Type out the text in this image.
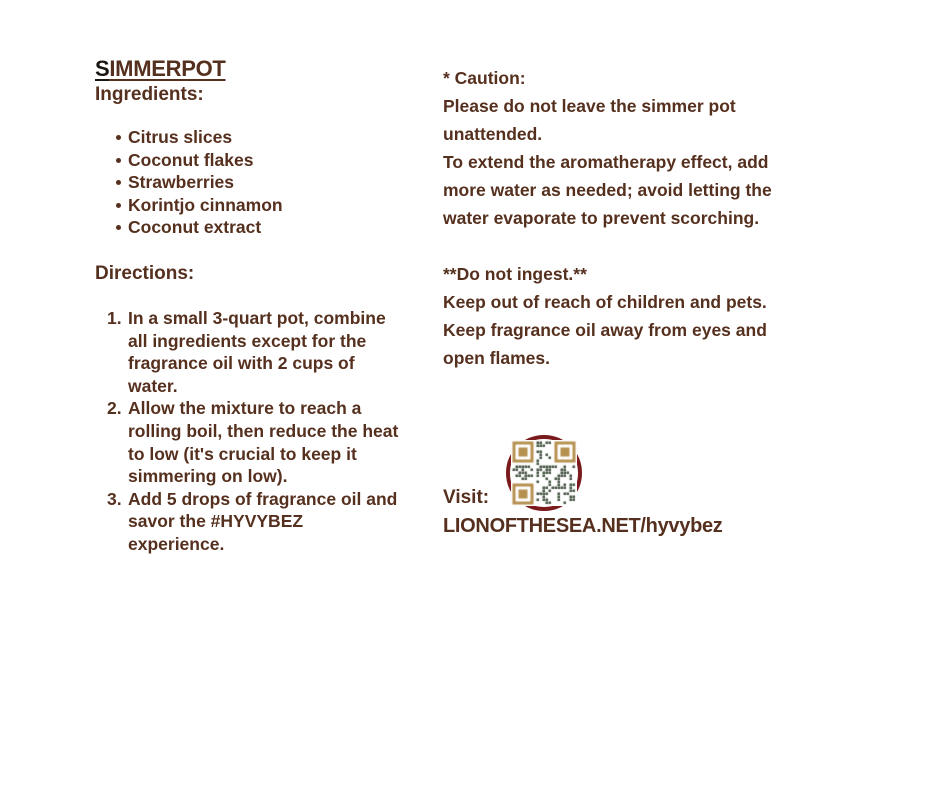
SIMMERPOT
Ingredients:
Citrus slices
Coconut flakes
Strawberries
Korintjo cinnamon
Coconut extract
Directions:
In a small 3-quart pot, combine all ingredients except for the fragrance oil with 2 cups of water.
Allow the mixture to reach a rolling boil, then reduce the heat to low (it's crucial to keep it simmering on low).
Add 5 drops of fragrance oil and savor the #HYVYBEZ experience.

* Caution:

Please do not leave the simmer pot unattended.

To extend the aromatherapy effect, add more water as needed; avoid letting the water evaporate to prevent scorching.

**Do not ingest.**

Keep out of reach of children and pets.

Keep fragrance oil away from eyes and open flames.

Visit:

LIONOFTHESEA.NET/hyvybez
